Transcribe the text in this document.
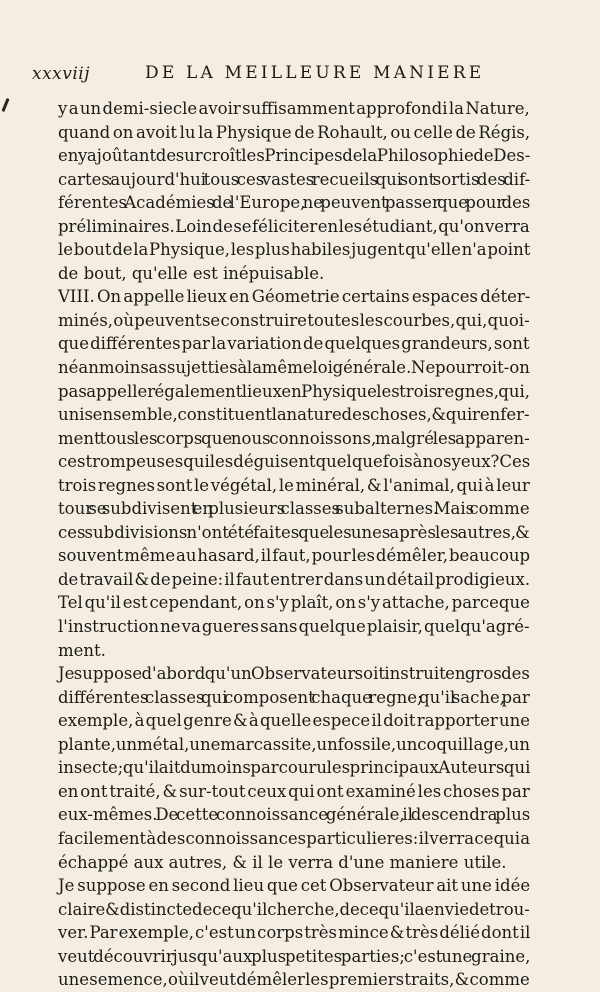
xxxviij	DE LA MEILLEURE MANIERE
y a un demi-siecle avoir suffisamment approfondi la Nature,
quand on avoit lu la Physique de Rohault, ou celle de Régis,
en y ajoûtant de surcroît les Principes de la Philosophie de Des-
cartes : aujourd'hui tous ces vastes recueils qui sont sortis des dif-
férentes Académies de l'Europe, ne peuvent passer que pour des
préliminaires. Loin de se féliciter en les étudiant, qu'on verra
le bout de la Physique, les plus habiles jugent qu'elle n'a point
de bout, qu'elle est inépuisable.
VIII. On appelle lieux en Géometrie certains espaces déter-
minés, où peuvent se construire toutes les courbes, qui, quoi-
que différentes par la variation de quelques grandeurs, sont
néanmoins assujetties à la même loi générale. Ne pourroit-on
pas appeller également lieux en Physique les trois regnes, qui,
unis ensemble, constituent la nature des choses, & qui renfer-
ment tous les corps que nous connoissons, malgré les apparen-
ces trompeuses qui les déguisent quelquefois à nos yeux? Ces
trois regnes sont le végétal, le minéral, & l'animal, qui à leur
tour se subdivisent en plusieurs classes subalternes. Mais comme
ces subdivisions n'ont été faites que les unes après les autres, &
souvent même au hasard, il faut, pour les démêler, beaucoup
de travail & de peine: il faut entrer dans un détail prodigieux.
Tel qu'il est cependant, on s'y plaît, on s'y attache, parceque
l'instruction ne va gueres sans quelque plaisir, quelqu'agré-
ment.
Je suppose d'abord qu'un Observateur soit instruit en gros des
différentes classes qui composent chaque regne; qu'il sache, par
exemple, à quel genre & à quelle espece il doit rapporter une
plante, un métal, une marcassite, un fossile, un coquillage, un
insecte; qu'il ait du moins parcouru les principaux Auteurs qui
en ont traité, & sur-tout ceux qui ont examiné les choses par
eux-mêmes. De cette connoissance générale, il descendra plus
facilement à des connoissances particulieres: il verra ce qui a
échappé aux autres, & il le verra d'une maniere utile.
Je suppose en second lieu que cet Observateur ait une idée
claire & distincte de ce qu'il cherche, de ce qu'il a envie de trou-
ver. Par exemple, c'est un corps très mince & très délié dont il
veut découvrir jusqu'aux plus petites parties; c'est une graine,
une semence, où il veut démêler les premiers traits, & comme
